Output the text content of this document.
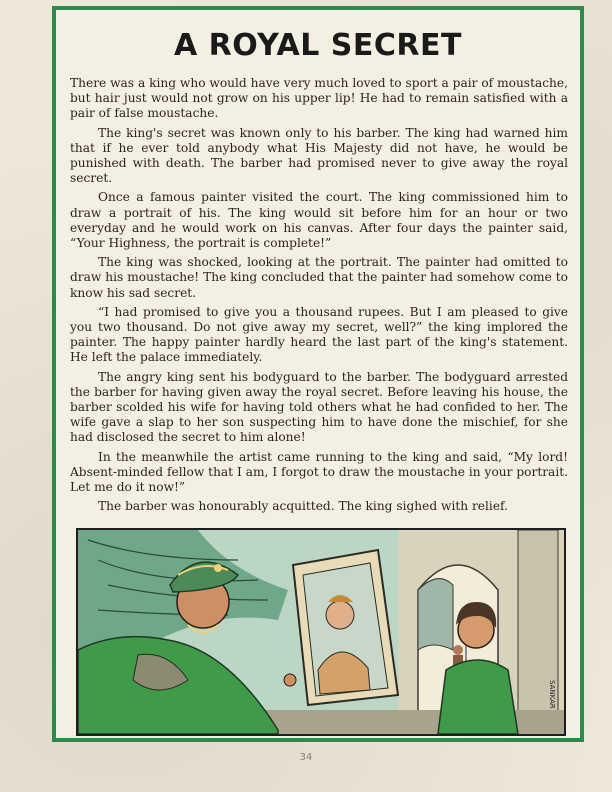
A ROYAL SECRET

There was a king who would have very much loved to sport a pair of moustache, but hair just would not grow on his upper lip! He had to remain satisfied with a pair of false moustache.

The king's secret was known only to his barber. The king had warned him that if he ever told anybody what His Majesty did not have, he would be punished with death. The barber had promised never to give away the royal secret.

Once a famous painter visited the court. The king commissioned him to draw a portrait of his. The king would sit before him for an hour or two everyday and he would work on his canvas. After four days the painter said, “Your Highness, the portrait is complete!”

The king was shocked, looking at the portrait. The painter had omitted to draw his moustache! The king concluded that the painter had somehow come to know his sad secret.

“I had promised to give you a thousand rupees. But I am pleased to give you two thousand. Do not give away my secret, well?” the king implored the painter. The happy painter hardly heard the last part of the king's statement. He left the palace immediately.

The angry king sent his bodyguard to the barber. The bodyguard arrested the barber for having given away the royal secret. Before leaving his house, the barber scolded his wife for having told others what he had confided to her. The wife gave a slap to her son suspecting him to have done the mischief, for she had disclosed the secret to him alone!

In the meanwhile the artist came running to the king and said, “My lord! Absent-minded fellow that I am, I forgot to draw the moustache in your portrait. Let me do it now!”

The barber was honourably acquitted. The king sighed with relief.

SANKAR
34
